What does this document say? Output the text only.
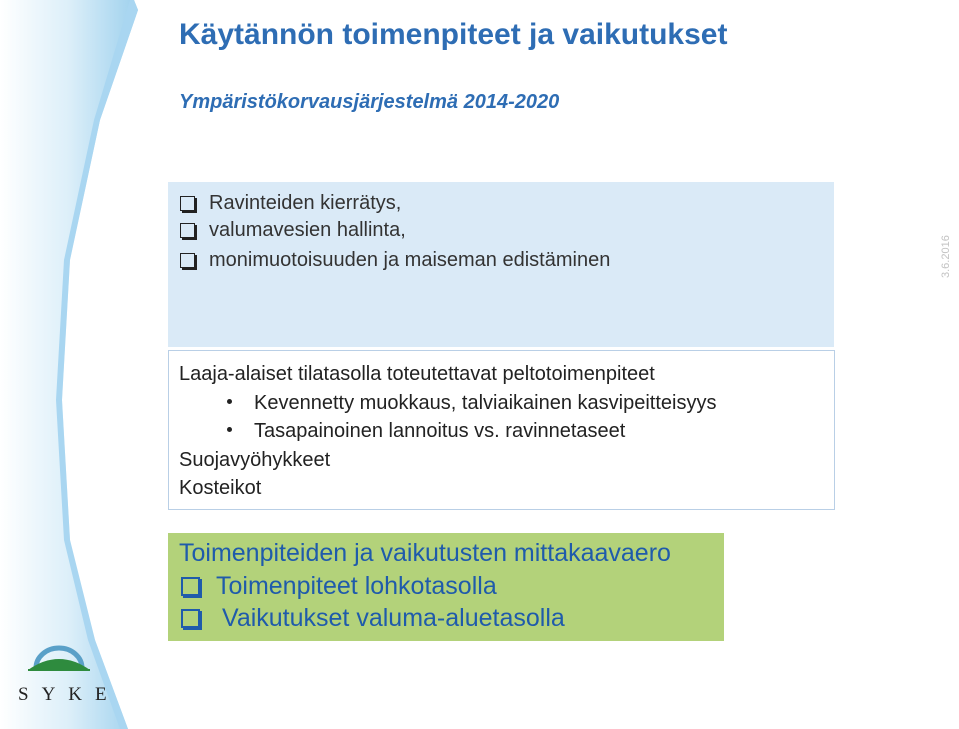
Käytännön toimenpiteet ja vaikutukset
Ympäristökorvausjärjestelmä 2014-2020
3.6.2016
Ravinteiden kierrätys,
valumavesien hallinta,
monimuotoisuuden ja maiseman edistäminen
Laaja-alaiset tilatasolla toteutettavat peltotoimenpiteet
Kevennetty muokkaus, talviaikainen kasvipeitteisyys
Tasapainoinen lannoitus vs. ravinnetaseet
Suojavyöhykkeet
Kosteikot
Toimenpiteiden ja vaikutusten mittakaavaero
Toimenpiteet lohkotasolla
Vaikutukset valuma-aluetasolla
SYKE
